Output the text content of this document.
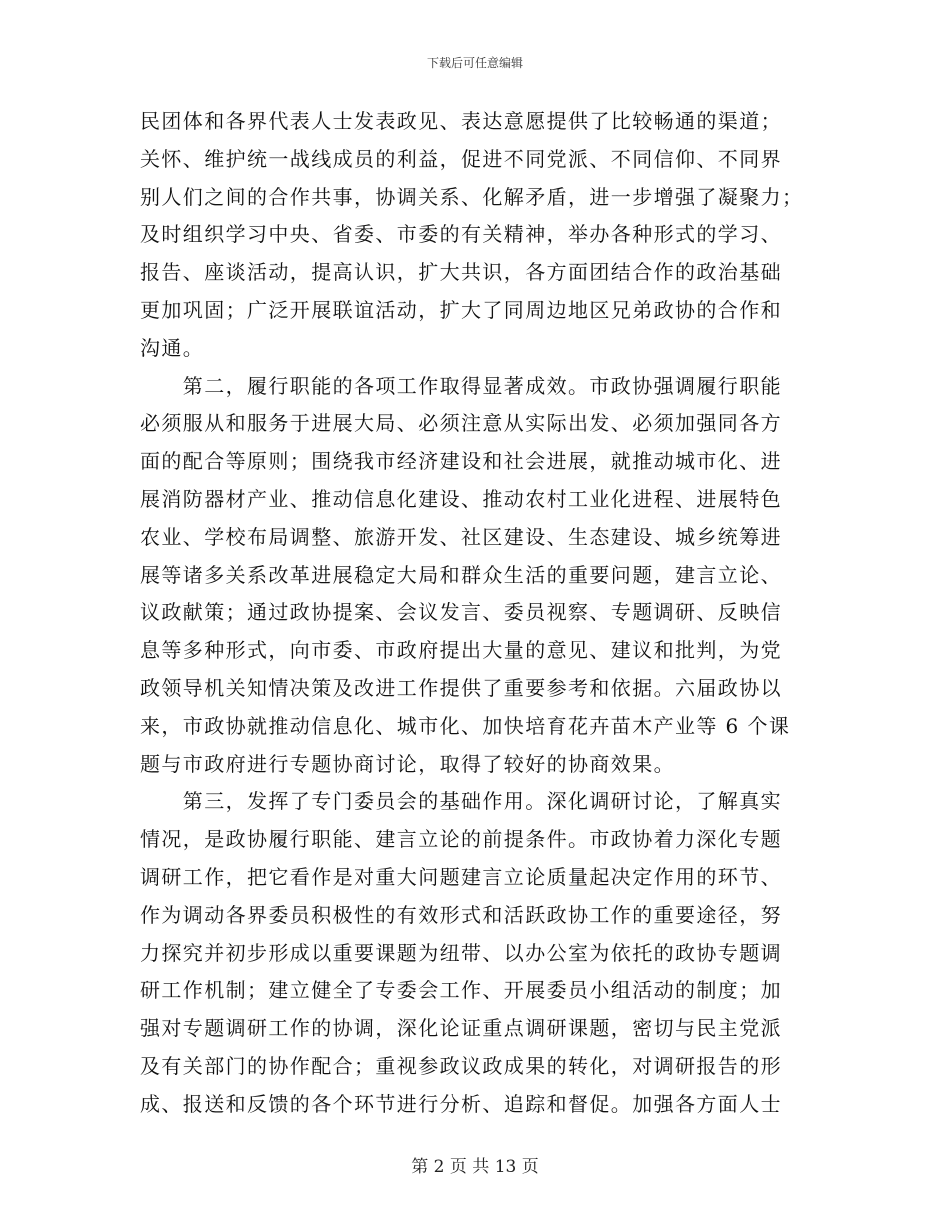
下载后可任意编辑
民团体和各界代表人士发表政见、表达意愿提供了比较畅通的渠道；
关怀、维护统一战线成员的利益，促进不同党派、不同信仰、不同界
别人们之间的合作共事，协调关系、化解矛盾，进一步增强了凝聚力；
及时组织学习中央、省委、市委的有关精神，举办各种形式的学习、
报告、座谈活动，提高认识，扩大共识，各方面团结合作的政治基础
更加巩固；广泛开展联谊活动，扩大了同周边地区兄弟政协的合作和
沟通。
　　第二，履行职能的各项工作取得显著成效。市政协强调履行职能
必须服从和服务于进展大局、必须注意从实际出发、必须加强同各方
面的配合等原则；围绕我市经济建设和社会进展，就推动城市化、进
展消防器材产业、推动信息化建设、推动农村工业化进程、进展特色
农业、学校布局调整、旅游开发、社区建设、生态建设、城乡统筹进
展等诸多关系改革进展稳定大局和群众生活的重要问题，建言立论、
议政献策；通过政协提案、会议发言、委员视察、专题调研、反映信
息等多种形式，向市委、市政府提出大量的意见、建议和批判，为党
政领导机关知情决策及改进工作提供了重要参考和依据。六届政协以
来，市政协就推动信息化、城市化、加快培育花卉苗木产业等 6 个课
题与市政府进行专题协商讨论，取得了较好的协商效果。
　　第三，发挥了专门委员会的基础作用。深化调研讨论，了解真实
情况，是政协履行职能、建言立论的前提条件。市政协着力深化专题
调研工作，把它看作是对重大问题建言立论质量起决定作用的环节、
作为调动各界委员积极性的有效形式和活跃政协工作的重要途径，努
力探究并初步形成以重要课题为纽带、以办公室为依托的政协专题调
研工作机制；建立健全了专委会工作、开展委员小组活动的制度；加
强对专题调研工作的协调，深化论证重点调研课题，密切与民主党派
及有关部门的协作配合；重视参政议政成果的转化，对调研报告的形
成、报送和反馈的各个环节进行分析、追踪和督促。加强各方面人士
第 2 页 共 13 页
